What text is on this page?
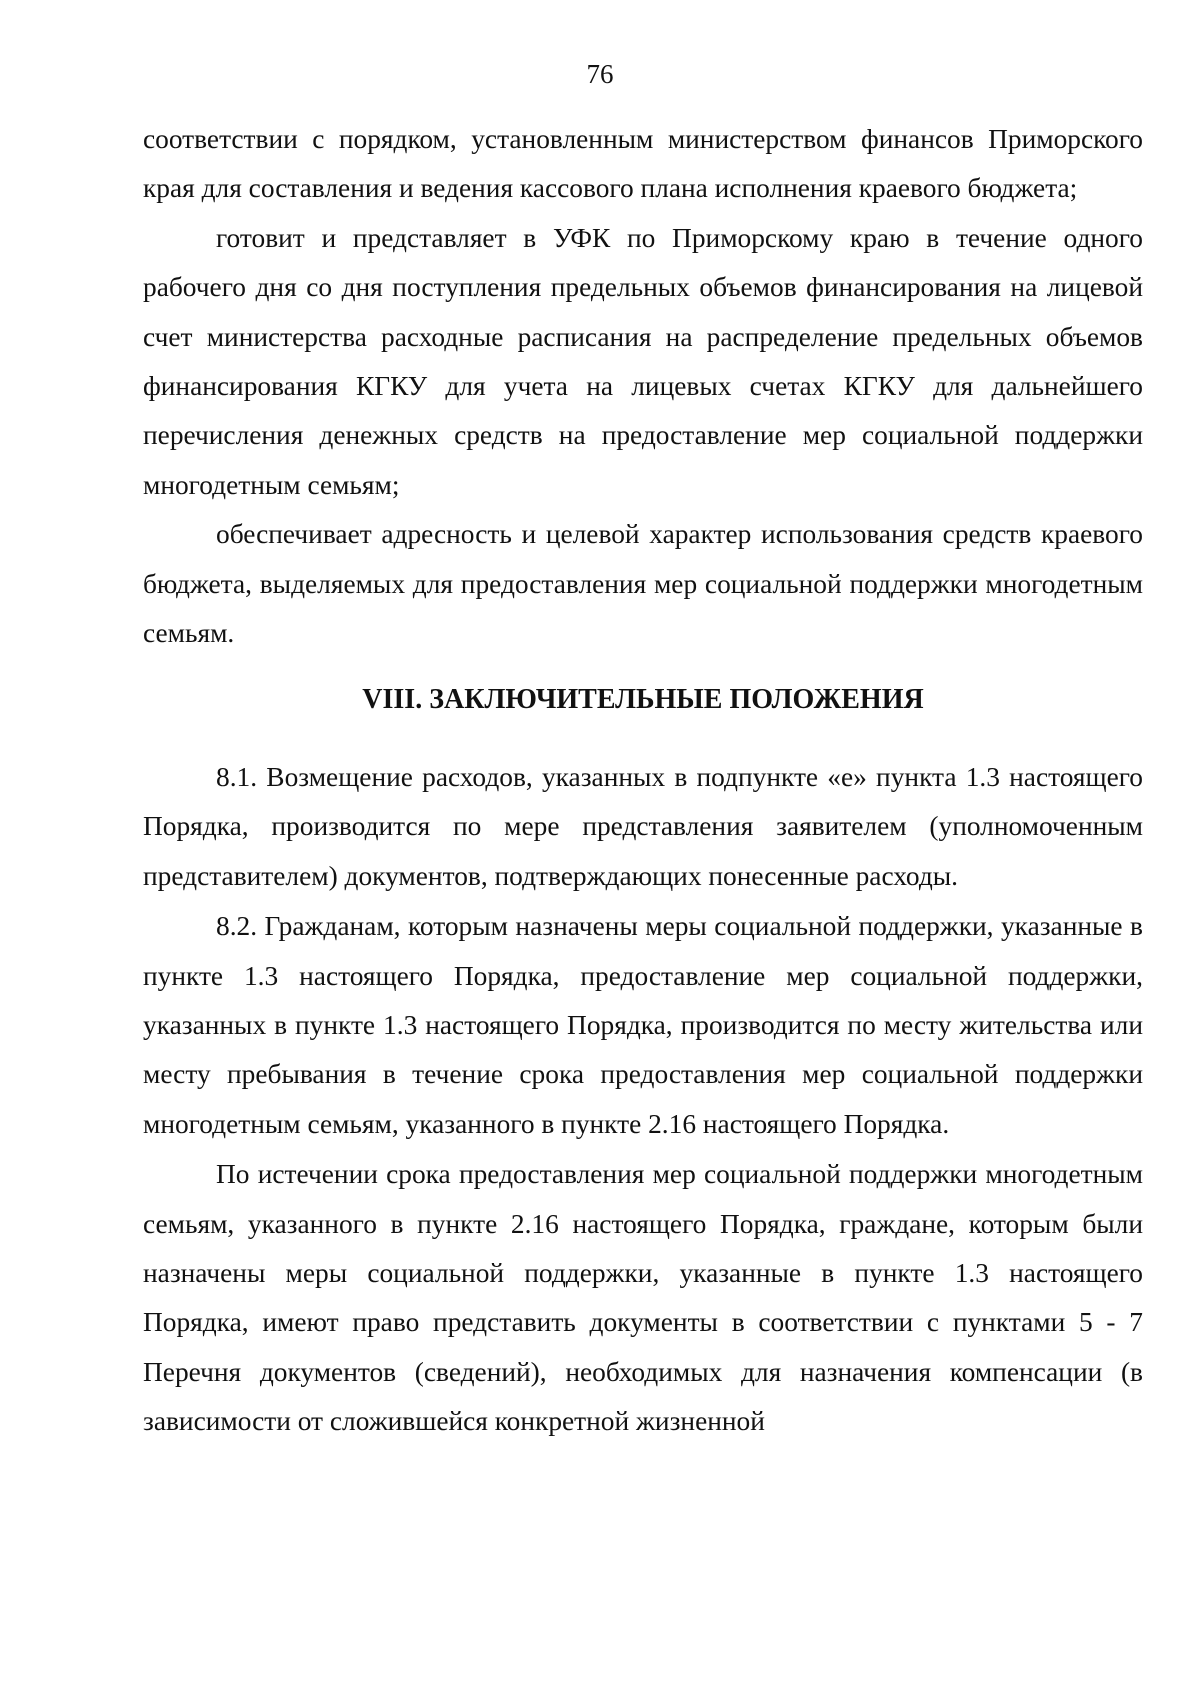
76

соответствии с порядком, установленным министерством финансов Приморского края для составления и ведения кассового плана исполнения краевого бюджета;

готовит и представляет в УФК по Приморскому краю в течение одного рабочего дня со дня поступления предельных объемов финансирования на лицевой счет министерства расходные расписания на распределение предельных объемов финансирования КГКУ для учета на лицевых счетах КГКУ для дальнейшего перечисления денежных средств на предоставление мер социальной поддержки многодетным семьям;

обеспечивает адресность и целевой характер использования средств краевого бюджета, выделяемых для предоставления мер социальной поддержки многодетным семьям.

VIII. ЗАКЛЮЧИТЕЛЬНЫЕ ПОЛОЖЕНИЯ

8.1. Возмещение расходов, указанных в подпункте «е» пункта 1.3 настоящего Порядка, производится по мере представления заявителем (уполномоченным представителем) документов, подтверждающих понесенные расходы.

8.2. Гражданам, которым назначены меры социальной поддержки, указанные в пункте 1.3 настоящего Порядка, предоставление мер социальной поддержки, указанных в пункте 1.3 настоящего Порядка, производится по месту жительства или месту пребывания в течение срока предоставления мер социальной поддержки многодетным семьям, указанного в пункте 2.16 настоящего Порядка.

По истечении срока предоставления мер социальной поддержки многодетным семьям, указанного в пункте 2.16 настоящего Порядка, граждане, которым были назначены меры социальной поддержки, указанные в пункте 1.3 настоящего Порядка, имеют право представить документы в соответствии с пунктами 5 - 7 Перечня документов (сведений), необходимых для назначения компенсации (в зависимости от сложившейся конкретной жизненной
